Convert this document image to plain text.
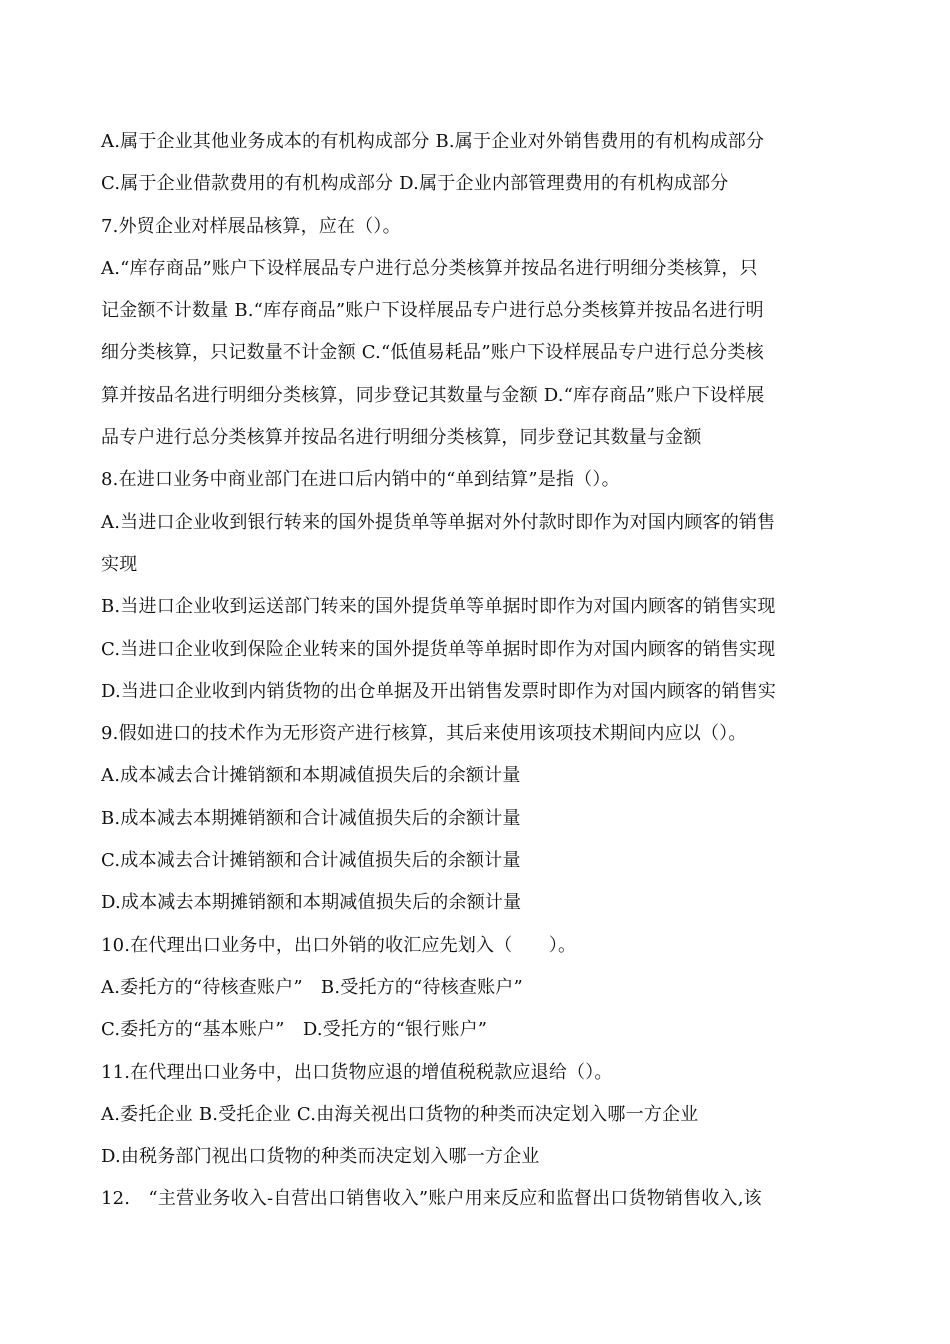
A.属于企业其他业务成本的有机构成部分 B.属于企业对外销售费用的有机构成部分
C.属于企业借款费用的有机构成部分 D.属于企业内部管理费用的有机构成部分
7.外贸企业对样展品核算，应在（）。
A.“库存商品”账户下设样展品专户进行总分类核算并按品名进行明细分类核算，只
记金额不计数量 B.“库存商品”账户下设样展品专户进行总分类核算并按品名进行明
细分类核算，只记数量不计金额 C.“低值易耗品”账户下设样展品专户进行总分类核
算并按品名进行明细分类核算，同步登记其数量与金额 D.“库存商品”账户下设样展
品专户进行总分类核算并按品名进行明细分类核算，同步登记其数量与金额
8.在进口业务中商业部门在进口后内销中的“单到结算”是指（）。
A.当进口企业收到银行转来的国外提货单等单据对外付款时即作为对国内顾客的销售
实现
B.当进口企业收到运送部门转来的国外提货单等单据时即作为对国内顾客的销售实现
C.当进口企业收到保险企业转来的国外提货单等单据时即作为对国内顾客的销售实现
D.当进口企业收到内销货物的出仓单据及开出销售发票时即作为对国内顾客的销售实
9.假如进口的技术作为无形资产进行核算，其后来使用该项技术期间内应以（）。
A.成本减去合计摊销额和本期减值损失后的余额计量
B.成本减去本期摊销额和合计减值损失后的余额计量
C.成本减去合计摊销额和合计减值损失后的余额计量
D.成本减去本期摊销额和本期减值损失后的余额计量
10.在代理出口业务中，出口外销的收汇应先划入（　　）。
A.委托方的“待核查账户”　B.受托方的“待核查账户”
C.委托方的“基本账户”　D.受托方的“银行账户”
11.在代理出口业务中，出口货物应退的增值税税款应退给（）。
A.委托企业 B.受托企业 C.由海关视出口货物的种类而决定划入哪一方企业
D.由税务部门视出口货物的种类而决定划入哪一方企业
12.　“主营业务收入-自营出口销售收入”账户用来反应和监督出口货物销售收入,该
